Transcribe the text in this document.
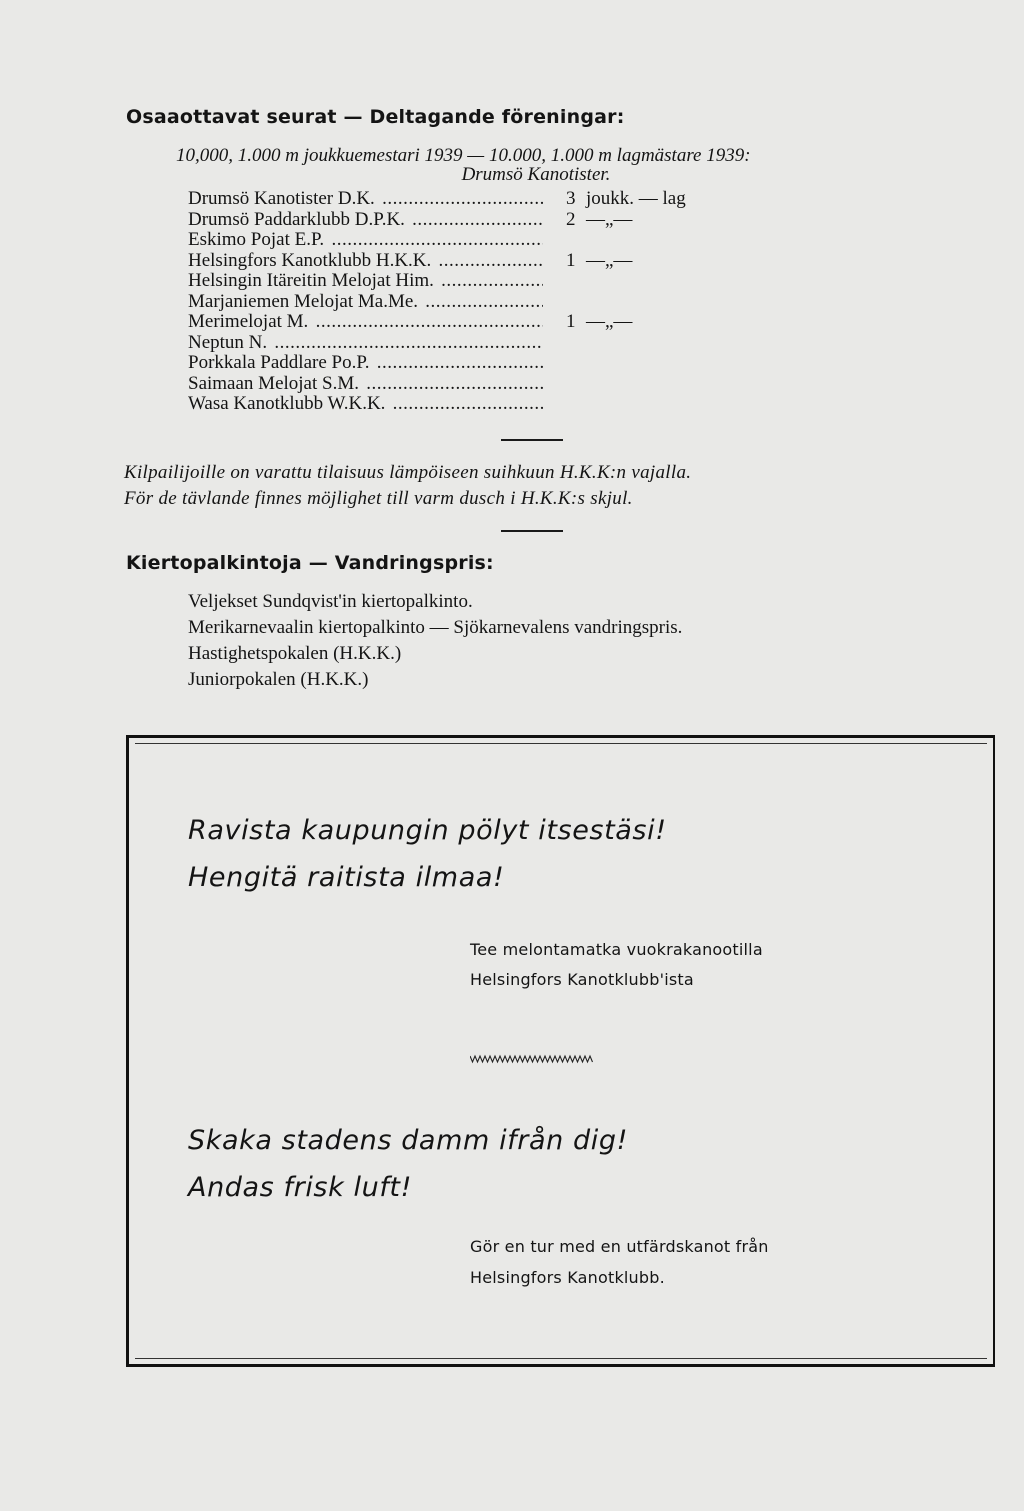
Osaaottavat seurat — Deltagande föreningar:
10,000, 1.000 m joukkuemestari 1939 — 10.000, 1.000 m lagmästare 1939:
Drumsö Kanotister.
Drumsö Kanotister D.K. .....	3 joukk. — lag
Drumsö Paddarklubb D.P.K. .....	2 —„—
Eskimo Pojat E.P. .....
Helsingfors Kanotklubb H.K.K. .....	1 —„—
Helsingin Itäreitin Melojat Him. .....
Marjaniemen Melojat Ma.Me. .....
Merimelojat M. .....	1 —„—
Neptun N. .....
Porkkala Paddlare Po.P. .....
Saimaan Melojat S.M. .....
Wasa Kanotklubb W.K.K. .....
Kilpailijoille on varattu tilaisuus lämpöiseen suihkuun H.K.K:n vajalla.
För de tävlande finnes möjlighet till varm dusch i H.K.K:s skjul.
Kiertopalkintoja — Vandringspris:
Veljekset Sundqvist'in kiertopalkinto.
Merikarnevaalin kiertopalkinto — Sjökarnevalens vandringspris.
Hastighetspokalen (H.K.K.)
Juniorpokalen (H.K.K.)
Ravista kaupungin pölyt itsestäsi!
Hengitä raitista ilmaa!
Tee melontamatka vuokrakanootilla
Helsingfors Kanotklubb'ista
Skaka stadens damm ifrån dig!
Andas frisk luft!
Gör en tur med en utfärdskanot från
Helsingfors Kanotklubb.
